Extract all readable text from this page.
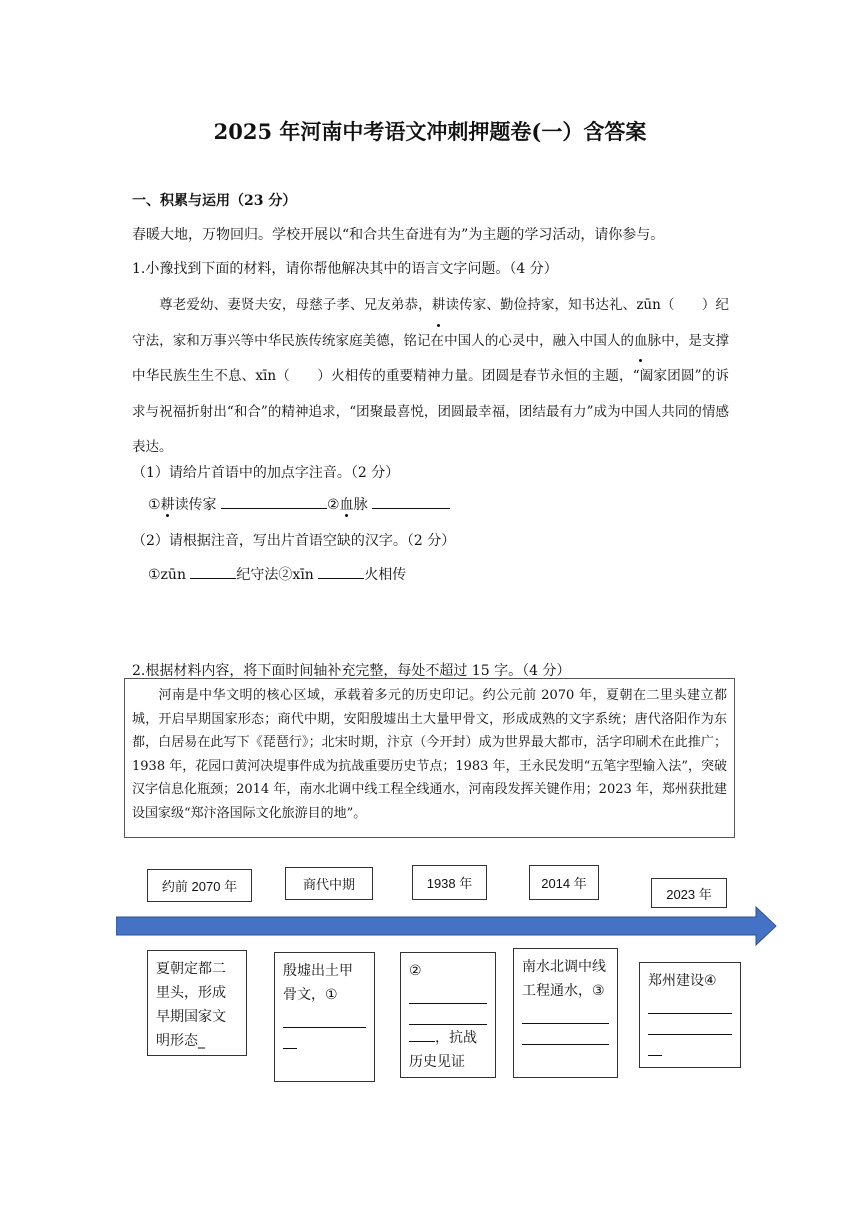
2025 年河南中考语文冲刺押题卷(一）含答案
一、积累与运用（23 分）
春暖大地，万物回归。学校开展以“和合共生奋进有为”为主题的学习活动，请你参与。
1.小豫找到下面的材料，请你帮他解决其中的语言文字问题。（4 分）
尊老爱幼、妻贤夫安，母慈子孝、兄友弟恭，耕读传家、勤俭持家，知书达礼、zūn（　　）纪守法，家和万事兴等中华民族传统家庭美德，铭记在中国人的心灵中，融入中国人的血脉中，是支撑中华民族生生不息、xīn（　　）火相传的重要精神力量。团圆是春节永恒的主题，“阖家团圆”的诉求与祝福折射出“和合”的精神追求，“团聚最喜悦，团圆最幸福，团结最有力”成为中国人共同的情感表达。
（1）请给片首语中的加点字注音。（2 分）
①耕读传家	②血脉
（2）请根据注音，写出片首语空缺的汉字。（2 分）
①zūn	纪守法②xīn	火相传
2.根据材料内容，将下面时间轴补充完整，每处不超过 15 字。（4 分）
河南是中华文明的核心区域，承载着多元的历史印记。约公元前 2070 年，夏朝在二里头建立都城，开启早期国家形态；商代中期，安阳殷墟出土大量甲骨文，形成成熟的文字系统；唐代洛阳作为东都，白居易在此写下《琵琶行》；北宋时期，汴京（今开封）成为世界最大都市，活字印刷术在此推广；1938 年，花园口黄河决堤事件成为抗战重要历史节点；1983 年，王永民发明“五笔字型输入法”，突破汉字信息化瓶颈；2014 年，南水北调中线工程全线通水，河南段发挥关键作用；2023 年，郑州获批建设国家级“郑汴洛国际文化旅游目的地”。
约前 2070 年	商代中期	1938 年	2014 年
2023 年
夏朝定都二里头，形成早期国家文明形态_
殷墟出土甲骨文，①
②
，抗战历史见证
南水北调中线工程通水，③
郑州建设④
